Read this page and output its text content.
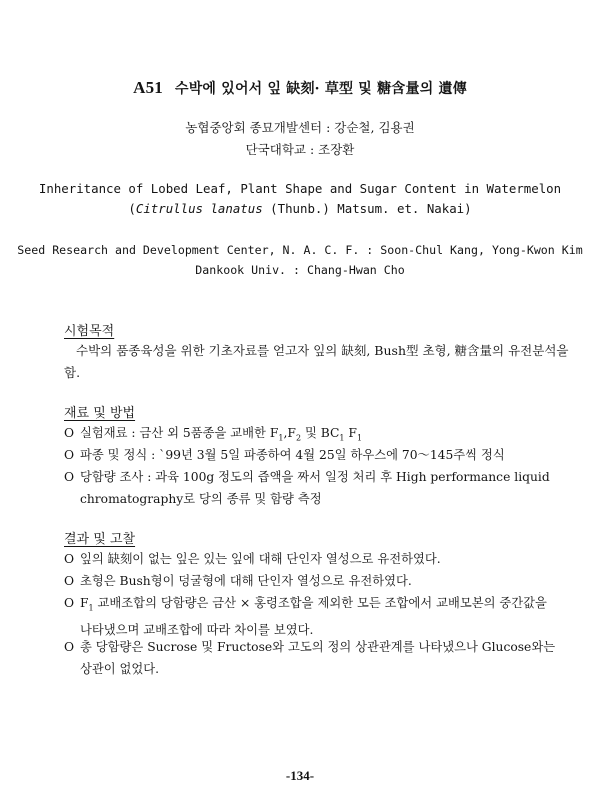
A51 수박에 있어서 잎 缺刻· 草型 및 糖含量의 遺傳
농협중앙회 종묘개발센터 : 강순철, 김용권
단국대학교 : 조장환
Inheritance of Lobed Leaf, Plant Shape and Sugar Content in Watermelon
(Citrullus lanatus (Thunb.) Matsum. et. Nakai)
Seed Research and Development Center, N. A. C. F. : Soon-Chul Kang, Yong-Kwon Kim
Dankook Univ. : Chang-Hwan Cho
시험목적
수박의 품종육성을 위한 기초자료를 얻고자 잎의 缺刻, Bush型 초형, 糖含量의 유전분석을 함.
재료 및 방법
O 실험재료 : 금산 외 5품종을 교배한 $F_1,F_2$ 및 $BC_1$ $F_1$
O 파종 및 정식 : `99년 3월 5일 파종하여 4월 25일 하우스에 70～145주씩 정식
O 당함량 조사 : 과육 100g 정도의 즙액을 짜서 일정 처리 후 High performance liquid
chromatography로 당의 종류 및 함량 측정
결과 및 고찰
O 잎의 缺刻이 없는 잎은 있는 잎에 대해 단인자 열성으로 유전하였다.
O 초형은 Bush형이 덩굴형에 대해 단인자 열성으로 유전하였다.
O $F_1$ 교배조합의 당함량은 금산 × 홍령조합을 제외한 모든 조합에서 교배모본의 중간값을
나타냈으며 교배조합에 따라 차이를 보였다.
O 총 당함량은 Sucrose 및 Fructose와 고도의 정의 상관관계를 나타냈으나 Glucose와는
상관이 없었다.
-134-
